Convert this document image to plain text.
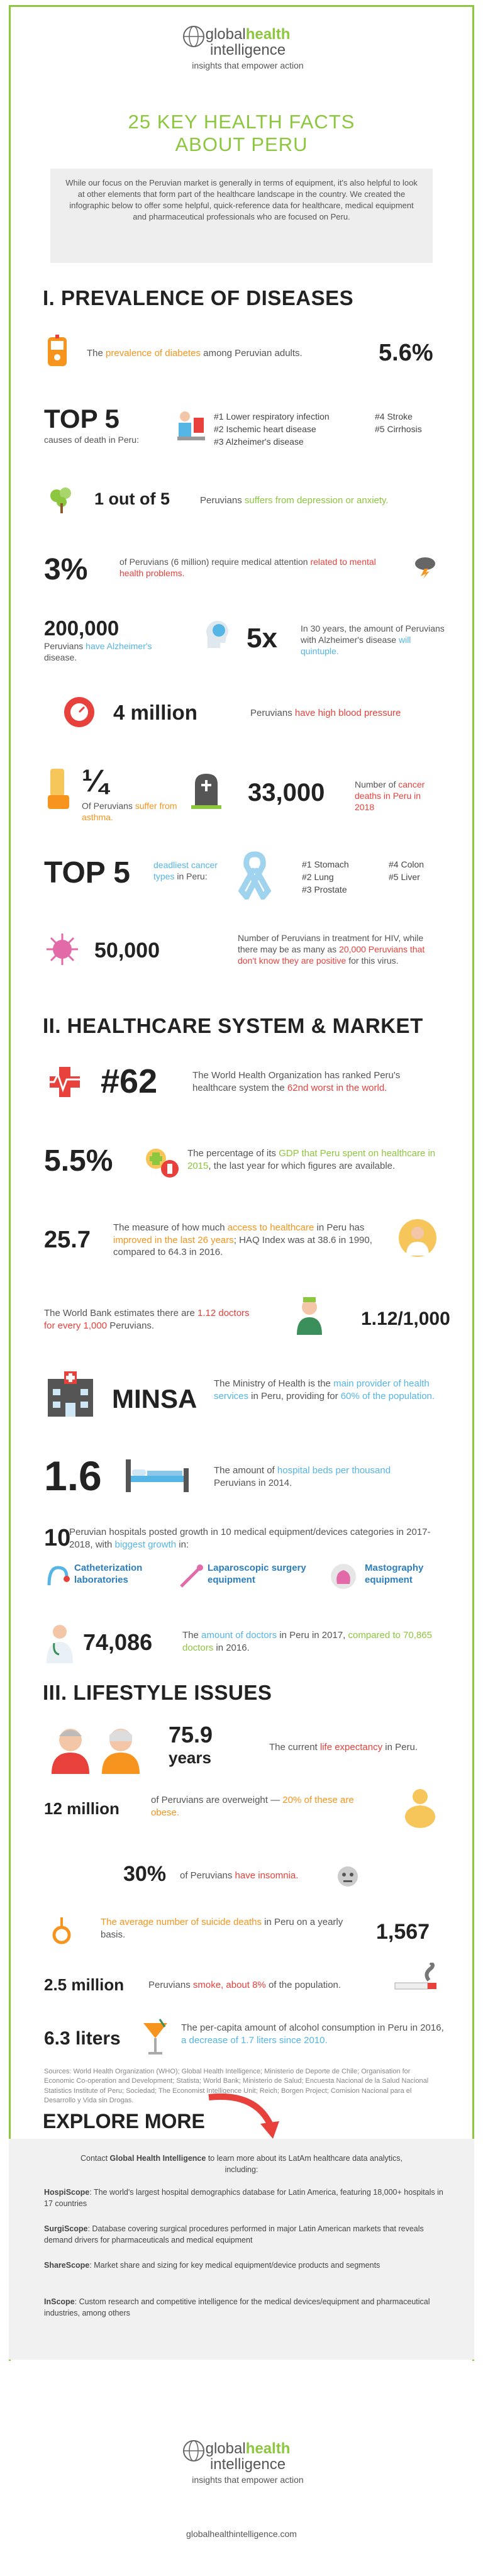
globalhealth
intelligence
insights that empower action
25 KEY HEALTH FACTS
ABOUT PERU
While our focus on the Peruvian market is generally in terms of equipment, it's also helpful to look at other elements that form part of the healthcare landscape in the country. We created the infographic below to offer some helpful, quick-reference data for healthcare, medical equipment and pharmaceutical professionals who are focused on Peru.
I. PREVALENCE OF DISEASES
The prevalence of diabetes among Peruvian adults.	5.6%
TOP 5
causes of death in Peru:
#1 Lower respiratory infection
#2 Ischemic heart disease
#3 Alzheimer's disease
#4 Stroke
#5 Cirrhosis
1 out of 5	Peruvians suffers from depression or anxiety.
3%	of Peruvians (6 million) require medical attention related to mental health problems.
200,000
Peruvians have Alzheimer's disease.
5x	In 30 years, the amount of Peruvians with Alzheimer's disease will quintuple.
4 million	Peruvians have high blood pressure
¼
Of Peruvians suffer from asthma.
33,000	Number of cancer deaths in Peru in 2018
TOP 5	deadliest cancer types in Peru:
#1 Stomach
#2 Lung
#3 Prostate
#4 Colon
#5 Liver
50,000
Number of Peruvians in treatment for HIV, while there may be as many as 20,000 Peruvians that don't know they are positive for this virus.
II. HEALTHCARE SYSTEM & MARKET
#62	The World Health Organization has ranked Peru's healthcare system the 62nd worst in the world.
5.5%	The percentage of its GDP that Peru spent on healthcare in 2015, the last year for which figures are available.
25.7 The measure of how much access to healthcare in Peru has improved in the last 26 years; HAQ Index was at 38.6 in 1990, compared to 64.3 in 2016.
The World Bank estimates there are 1.12 doctors for every 1,000 Peruvians.	1.12/1,000
MINSA
The Ministry of Health is the main provider of health services in Peru, providing for 60% of the population.
1.6	The amount of hospital beds per thousand Peruvians in 2014.
10
Peruvian hospitals posted growth in 10 medical equipment/devices categories in 2017-2018, with biggest growth in:
Catheterization laboratories
Laparoscopic surgery equipment
Mastography equipment
74,086	The amount of doctors in Peru in 2017, compared to 70,865 doctors in 2016.
III. LIFESTYLE ISSUES
75.9
years
The current life expectancy in Peru.
12 million	of Peruvians are overweight — 20% of these are obese.
30% of Peruvians have insomnia.
The average number of suicide deaths in Peru on a yearly basis.	1,567
2.5 million	Peruvians smoke, about 8% of the population.
6.3 liters
The per-capita amount of alcohol consumption in Peru in 2016, a decrease of 1.7 liters since 2010.
Sources: World Health Organization (WHO); Global Health Intelligence; Ministerio de Deporte de Chile; Organisation for Economic Co-operation and Development; Statista; World Bank; Ministerio de Salud; Encuesta Nacional de la Salud Nacional Statistics Institute of Peru; Sociedad; The Economist Intelligence Unit; Reich; Borgen Project; Comision Nacional para el Desarrollo y Vida sin Drogas.
EXPLORE MORE
Contact Global Health Intelligence to learn more about its LatAm healthcare data analytics, including:
HospiScope: The world's largest hospital demographics database for Latin America, featuring 18,000+ hospitals in 17 countries
SurgiScope: Database covering surgical procedures performed in major Latin American markets that reveals demand drivers for pharmaceuticals and medical equipment
ShareScope: Market share and sizing for key medical equipment/device products and segments
InScope: Custom research and competitive intelligence for the medical devices/equipment and pharmaceutical industries, among others
globalhealth
intelligence
insights that empower action
globalhealthintelligence.com
